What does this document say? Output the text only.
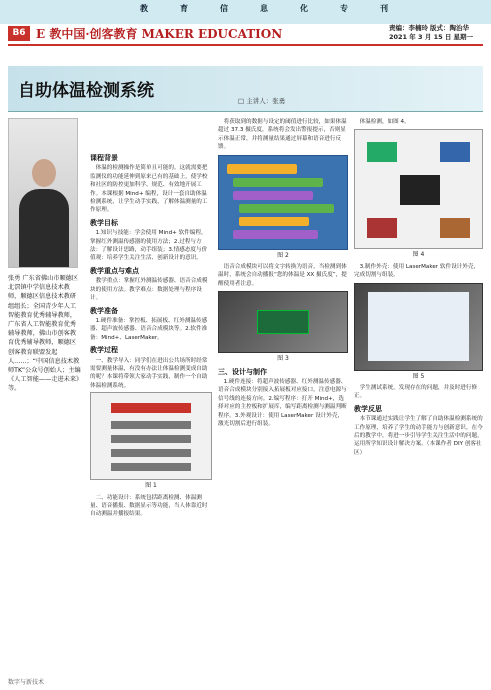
教	育	信	息	化	专	刊
B6 E 教中国·创客教育 MAKER EDUCATION	责编：李楠玲 版式：陶治华
2021 年 3 月 15 日 星期一
自助体温检测系统	□ 主讲人：张勇
张勇 广东省佛山市顺德区北滘镇中学信息技术教师，顺德区信息技术教研组组长；全国青少年人工智能教育优秀辅导教师，广东省人工智能教育优秀辅导教师，佛山市创客教育优秀辅导教师，顺德区创客教育联盟发起人……；“中国信息技术教师TK”公众号创始人；主编《人工智能——走进未来》等。
数字与新技术
课程背景

体温的检测操作是简单且可能的。这就需要把监测仪的功能延伸到原来已有的基础上，使学校和社区的防控更加科学、规范、有效地开展工作。本课根据 Mind+ 编程，设计一套自助体温检测系统，让学生动手实践，了解体温测量的工作原理。

教学目标

1.知识与技能：学会使用 Mind+ 软件编程，掌握红外测温传感器的使用方法；2.过程与方法：了解设计思路，动手组装；3.情感态度与价值观：培养学生关注生活、创新设计的意识。

教学重点与难点

教学重点：掌握红外测温传感器、语音合成模块的使用方法。教学难点：数据处理与程序设计。

教学准备

1.硬件准备：掌控板、拓展板、红外测温传感器、超声波传感器、语音合成模块等。2.软件准备：Mind+、LaserMaker。

教学过程

一、教学导入：同学们在进出公共场所时经常需要测量体温，有没有办法让体温检测变成自助的呢？本课将带领大家动手实践，制作一个自助体温检测系统。

图 1

二、功能设计：系统包括距离检测、体温测量、语音播报、数据显示等功能，当人体靠近时自动测温并播报结果。

将获取到的数据与设定的阈值进行比较，如果体温超过 37.3 摄氏度，系统将会发出警报提示，否则显示体温正常，并将测量结果通过屏幕和语音进行反馈。

图 2

语音合成模块可以将文字转换为语音，当检测到体温时，系统会自动播报“您的体温是 XX 摄氏度”，提醒使用者注意。

图 3
三、设计与制作

1.硬件连接：将超声波传感器、红外测温传感器、语音合成模块分别接入拓展板对应接口，注意电源与信号线的连接方向。2.编写程序：打开 Mind+，选择对应的主控板和扩展库，编写距离检测与测温判断程序。3.外观设计：使用 LaserMaker 设计外壳，激光切割后进行组装。

体温检测，如图 4。

图 4

3.制作外壳：使用 LaserMaker 软件设计外壳，完成切割与组装。

图 5

学生测试系统，发现存在的问题，并及时进行修正。

教学反思

本节课通过实践让学生了解了自助体温检测系统的工作原理，培养了学生的动手能力与创新意识。在今后的教学中，将进一步引导学生关注生活中的问题，运用所学知识设计解决方案。（本课作者 DIY 创客社区）
